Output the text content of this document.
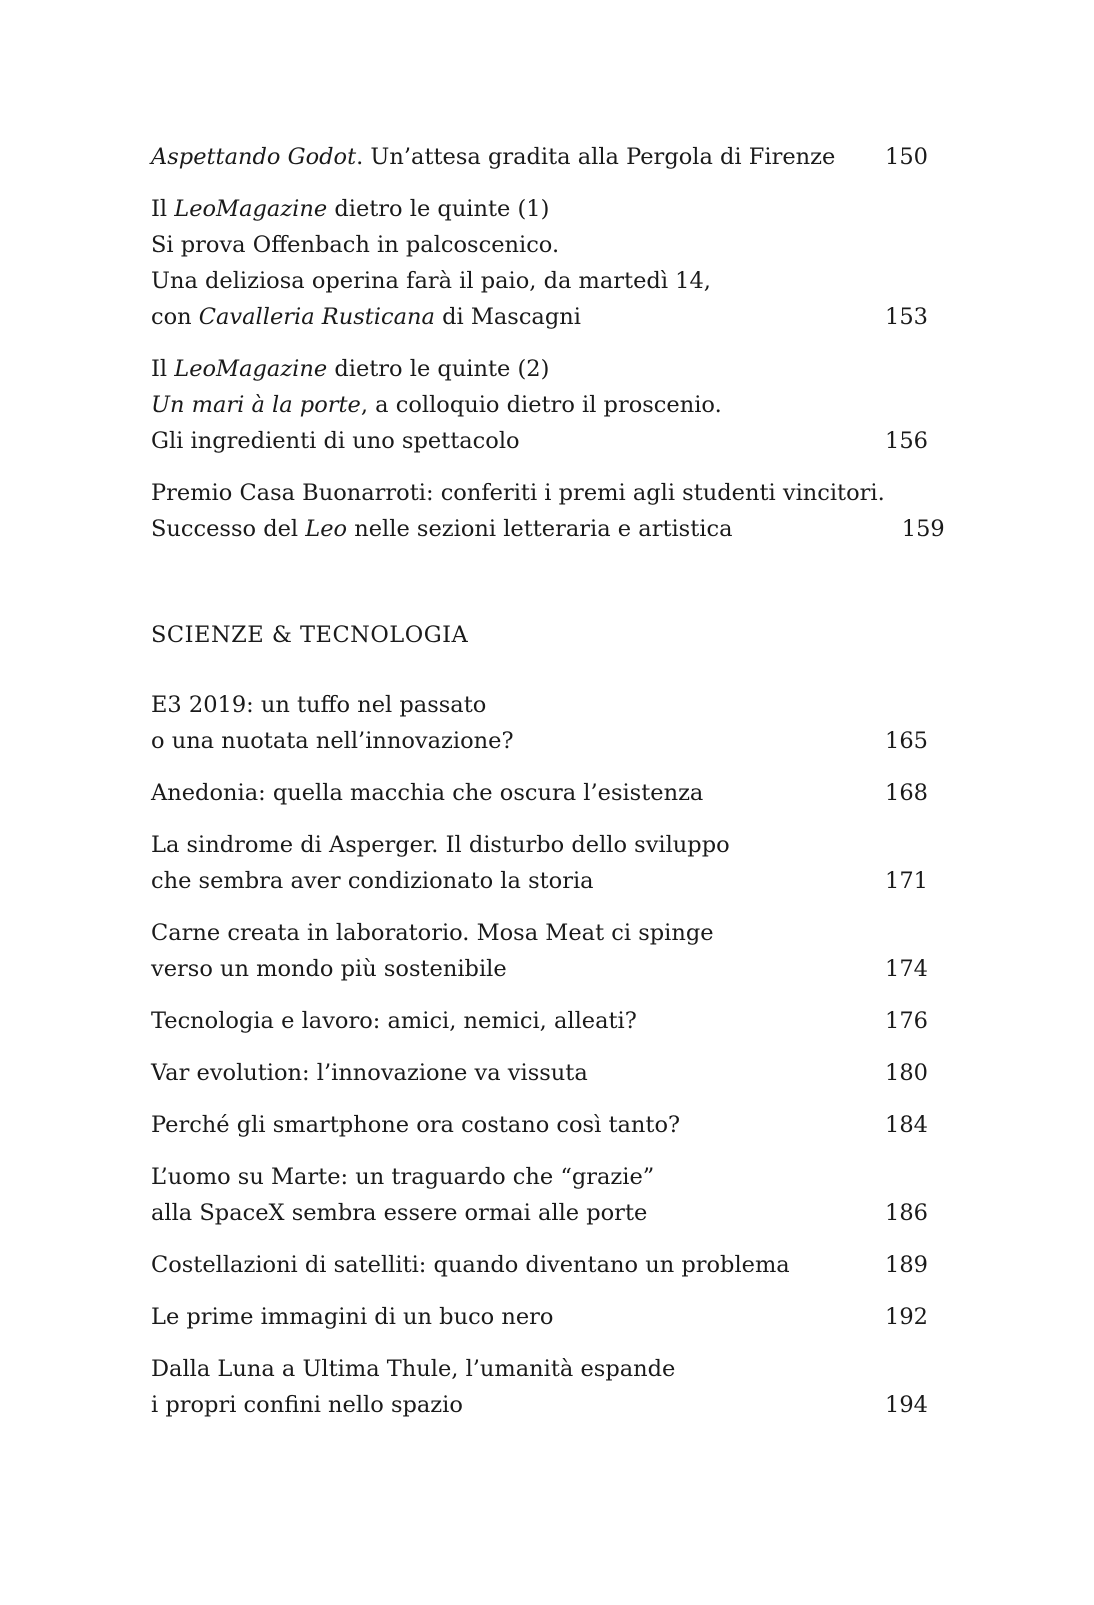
Aspettando Godot. Un’attesa gradita alla Pergola di Firenze	150
Il LeoMagazine dietro le quinte (1)
Si prova Offenbach in palcoscenico.
Una deliziosa operina farà il paio, da martedì 14,
con Cavalleria Rusticana di Mascagni	153
Il LeoMagazine dietro le quinte (2)
Un mari à la porte, a colloquio dietro il proscenio.
Gli ingredienti di uno spettacolo	156
Premio Casa Buonarroti: conferiti i premi agli studenti vincitori.
Successo del Leo nelle sezioni letteraria e artistica	159
SCIENZE & TECNOLOGIA
E3 2019: un tuffo nel passato
o una nuotata nell’innovazione?	165
Anedonia: quella macchia che oscura l’esistenza	168
La sindrome di Asperger. Il disturbo dello sviluppo
che sembra aver condizionato la storia	171
Carne creata in laboratorio. Mosa Meat ci spinge
verso un mondo più sostenibile	174
Tecnologia e lavoro: amici, nemici, alleati?	176
Var evolution: l’innovazione va vissuta	180
Perché gli smartphone ora costano così tanto?	184
L’uomo su Marte: un traguardo che “grazie”
alla SpaceX sembra essere ormai alle porte	186
Costellazioni di satelliti: quando diventano un problema	189
Le prime immagini di un buco nero	192
Dalla Luna a Ultima Thule, l’umanità espande
i propri confini nello spazio	194
